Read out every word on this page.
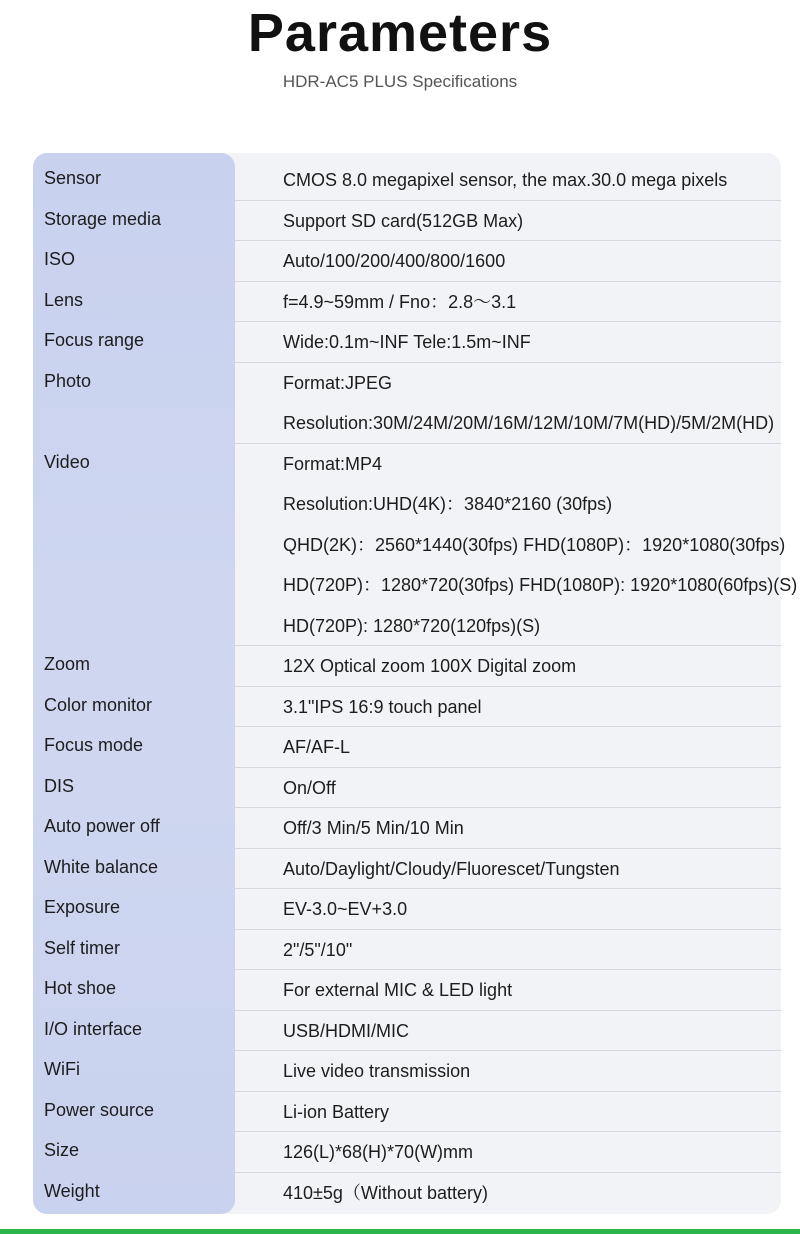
Parameters
HDR-AC5 PLUS Specifications
Sensor	CMOS 8.0 megapixel sensor, the max.30.0 mega pixels
Storage media	Support SD card(512GB Max)
ISO	Auto/100/200/400/800/1600
Lens	f=4.9~59mm / Fno：2.8～3.1
Focus range	Wide:0.1m~INF Tele:1.5m~INF
Photo	Format:JPEG
Resolution:30M/24M/20M/16M/12M/10M/7M(HD)/5M/2M(HD)
Video	Format:MP4
Resolution:UHD(4K)：3840*2160 (30fps)
QHD(2K)：2560*1440(30fps) FHD(1080P)：1920*1080(30fps)
HD(720P)：1280*720(30fps) FHD(1080P): 1920*1080(60fps)(S)
HD(720P): 1280*720(120fps)(S)
Zoom	12X Optical zoom 100X Digital zoom
Color monitor	3.1"IPS 16:9 touch panel
Focus mode	AF/AF-L
DIS	On/Off
Auto power off	Off/3 Min/5 Min/10 Min
White balance	Auto/Daylight/Cloudy/Fluorescet/Tungsten
Exposure	EV-3.0~EV+3.0
Self timer	2"/5"/10"
Hot shoe	For external MIC & LED light
I/O interface	USB/HDMI/MIC
WiFi	Live video transmission
Power source	Li-ion Battery
Size	126(L)*68(H)*70(W)mm
Weight	410±5g（Without battery)
